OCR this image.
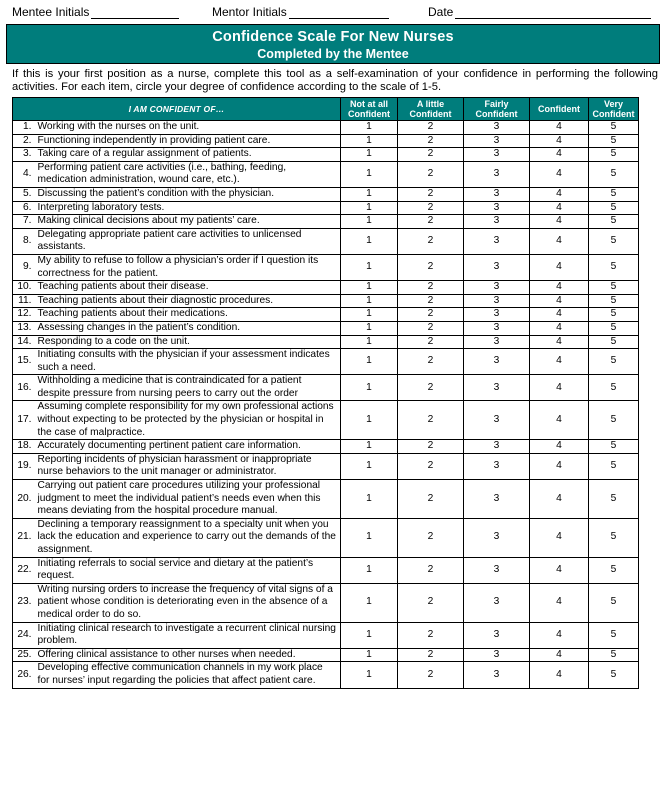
Mentee Initials	Mentor Initials	Date
Confidence Scale For New Nurses
Completed by the Mentee
If this is your first position as a nurse, complete this tool as a self-examination of your confidence in performing the following activities. For each item, circle your degree of confidence according to the scale of 1-5.
I AM CONFIDENT OF…		Not at all Confident	A little Confident	Fairly Confident	Confident	Very Confident
1.	Working with the nurses on the unit.	1	2	3	4	5
2.	Functioning independently in providing patient care.	1	2	3	4	5
3.	Taking care of a regular assignment of patients.	1	2	3	4	5
4.	Performing patient care activities (i.e., bathing, feeding, medication administration, wound care, etc.).	1	2	3	4	5
5.	Discussing the patient’s condition with the physician.	1	2	3	4	5
6.	Interpreting laboratory tests.	1	2	3	4	5
7.	Making clinical decisions about my patients’ care.	1	2	3	4	5
8.	Delegating appropriate patient care activities to unlicensed assistants.	1	2	3	4	5
9.	My ability to refuse to follow a physician’s order if I question its correctness for the patient.	1	2	3	4	5
10.	Teaching patients about their disease.	1	2	3	4	5
11.	Teaching patients about their diagnostic procedures.	1	2	3	4	5
12.	Teaching patients about their medications.	1	2	3	4	5
13.	Assessing changes in the patient’s condition.	1	2	3	4	5
14.	Responding to a code on the unit.	1	2	3	4	5
15.	Initiating consults with the physician if your assessment indicates such a need.	1	2	3	4	5
16.	Withholding a medicine that is contraindicated for a patient despite pressure from nursing peers to carry out the order	1	2	3	4	5
17.	Assuming complete responsibility for my own professional actions without expecting to be protected by the physician or hospital in the case of malpractice.	1	2	3	4	5
18.	Accurately documenting pertinent patient care information.	1	2	3	4	5
19.	Reporting incidents of physician harassment or inappropriate nurse behaviors to the unit manager or administrator.	1	2	3	4	5
20.	Carrying out patient care procedures utilizing your professional judgment to meet the individual patient’s needs even when this means deviating from the hospital procedure manual.	1	2	3	4	5
21.	Declining a temporary reassignment to a specialty unit when you lack the education and experience to carry out the demands of the assignment.	1	2	3	4	5
22.	Initiating referrals to social service and dietary at the patient’s request.	1	2	3	4	5
23.	Writing nursing orders to increase the frequency of vital signs of a patient whose condition is deteriorating even in the absence of a medical order to do so.	1	2	3	4	5
24.	Initiating clinical research to investigate a recurrent clinical nursing problem.	1	2	3	4	5
25.	Offering clinical assistance to other nurses when needed.	1	2	3	4	5
26.	Developing effective communication channels in my work place for nurses’ input regarding the policies that affect patient care.	1	2	3	4	5
